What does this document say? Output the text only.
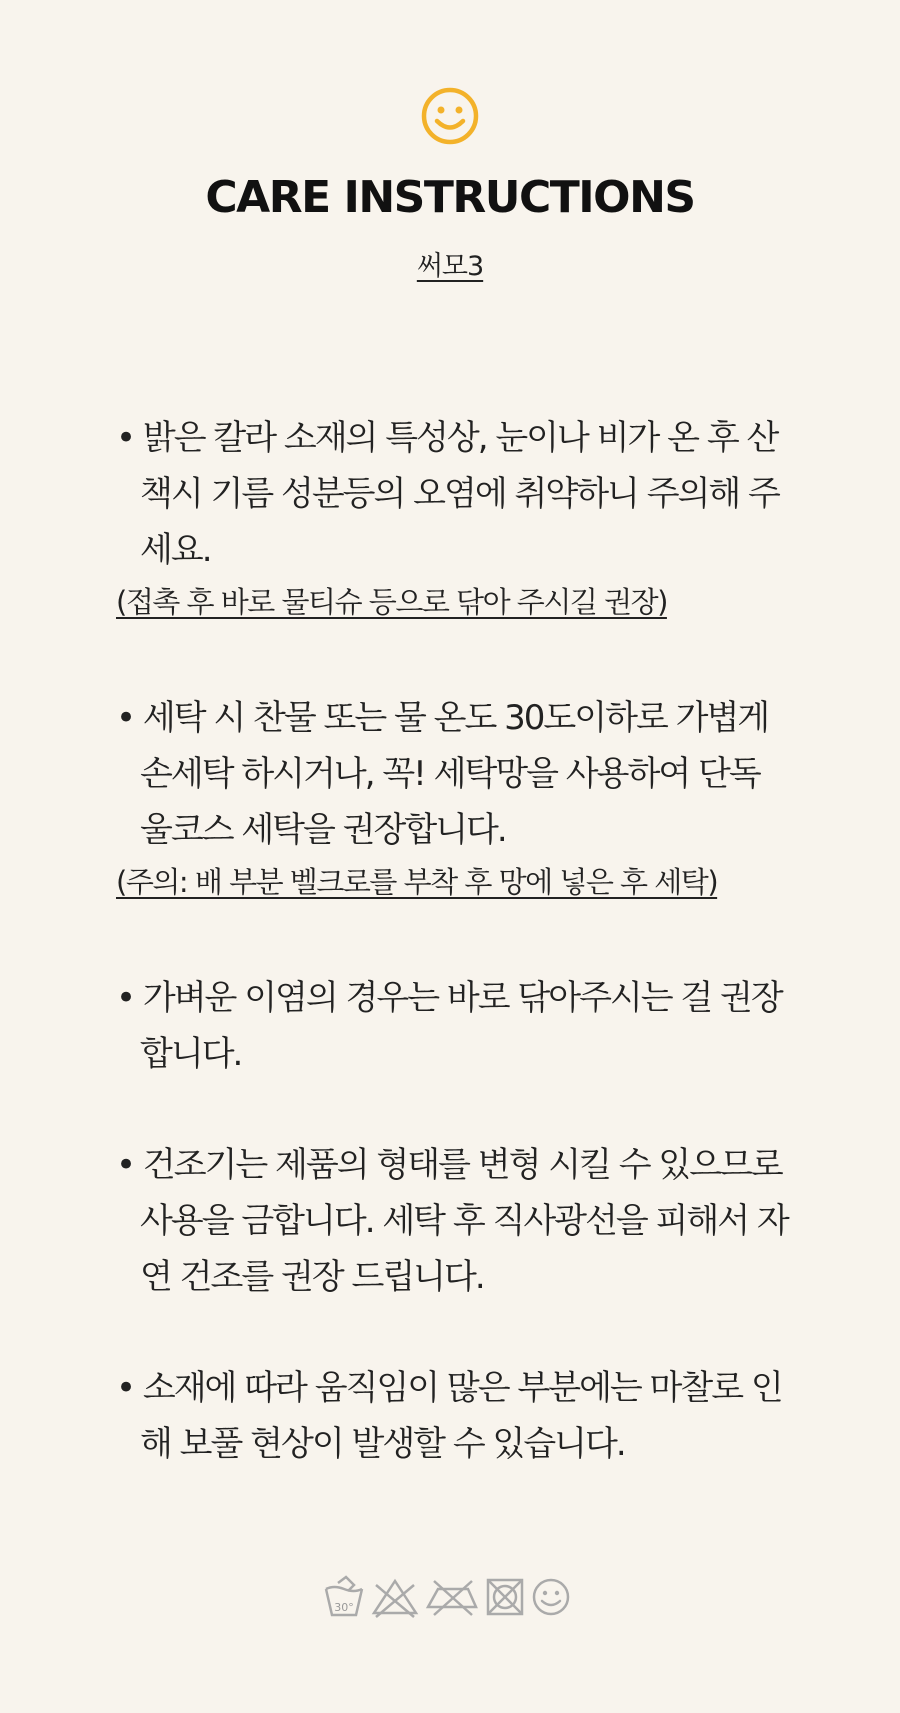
CARE INSTRUCTIONS
써모3
• 밝은 칼라 소재의 특성상, 눈이나 비가 온 후 산책시 기름 성분등의 오염에 취약하니 주의해 주세요.
(접촉 후 바로 물티슈 등으로 닦아 주시길 권장)
• 세탁 시 찬물 또는 물 온도 30도이하로 가볍게 손세탁 하시거나, 꼭! 세탁망을 사용하여 단독 울코스 세탁을 권장합니다.
(주의: 배 부분 벨크로를 부착 후 망에 넣은 후 세탁)
• 가벼운 이염의 경우는 바로 닦아주시는 걸 권장합니다.
• 건조기는 제품의 형태를 변형 시킬 수 있으므로 사용을 금합니다. 세탁 후 직사광선을 피해서 자연 건조를 권장 드립니다.
• 소재에 따라 움직임이 많은 부분에는 마찰로 인해 보풀 현상이 발생할 수 있습니다.
30°
